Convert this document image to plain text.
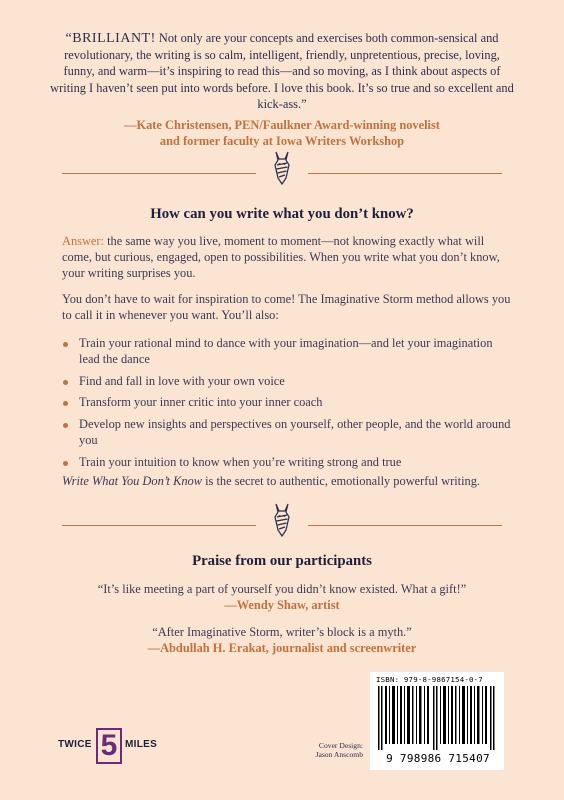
“BRILLIANT! Not only are your concepts and exercises both common-sensical and revolutionary, the writing is so calm, intelligent, friendly, unpretentious, precise, loving, funny, and warm—it’s inspiring to read this—and so moving, as I think about aspects of writing I haven’t seen put into words before. I love this book. It’s so true and so excellent and kick-ass.”
—Kate Christensen, PEN/Faulkner Award-winning novelist
and former faculty at Iowa Writers Workshop
How can you write what you don’t know?
Answer: the same way you live, moment to moment—not knowing exactly what will come, but curious, engaged, open to possibilities. When you write what you don’t know, your writing surprises you.
You don’t have to wait for inspiration to come! The Imaginative Storm method allows you to call it in whenever you want. You’ll also:
Train your rational mind to dance with your imagination—and let your imagination lead the dance
Find and fall in love with your own voice
Transform your inner critic into your inner coach
Develop new insights and perspectives on yourself, other people, and the world around you
Train your intuition to know when you’re writing strong and true
Write What You Don’t Know is the secret to authentic, emotionally powerful writing.
Praise from our participants
“It’s like meeting a part of yourself you didn’t know existed. What a gift!”
—Wendy Shaw, artist
“After Imaginative Storm, writer’s block is a myth.”
—Abdullah H. Erakat, journalist and screenwriter
TWICE 5 MILES	Cover Design:
Jason Anscomb
ISBN: 979-8-9867154-0-7
9 798986 715407
